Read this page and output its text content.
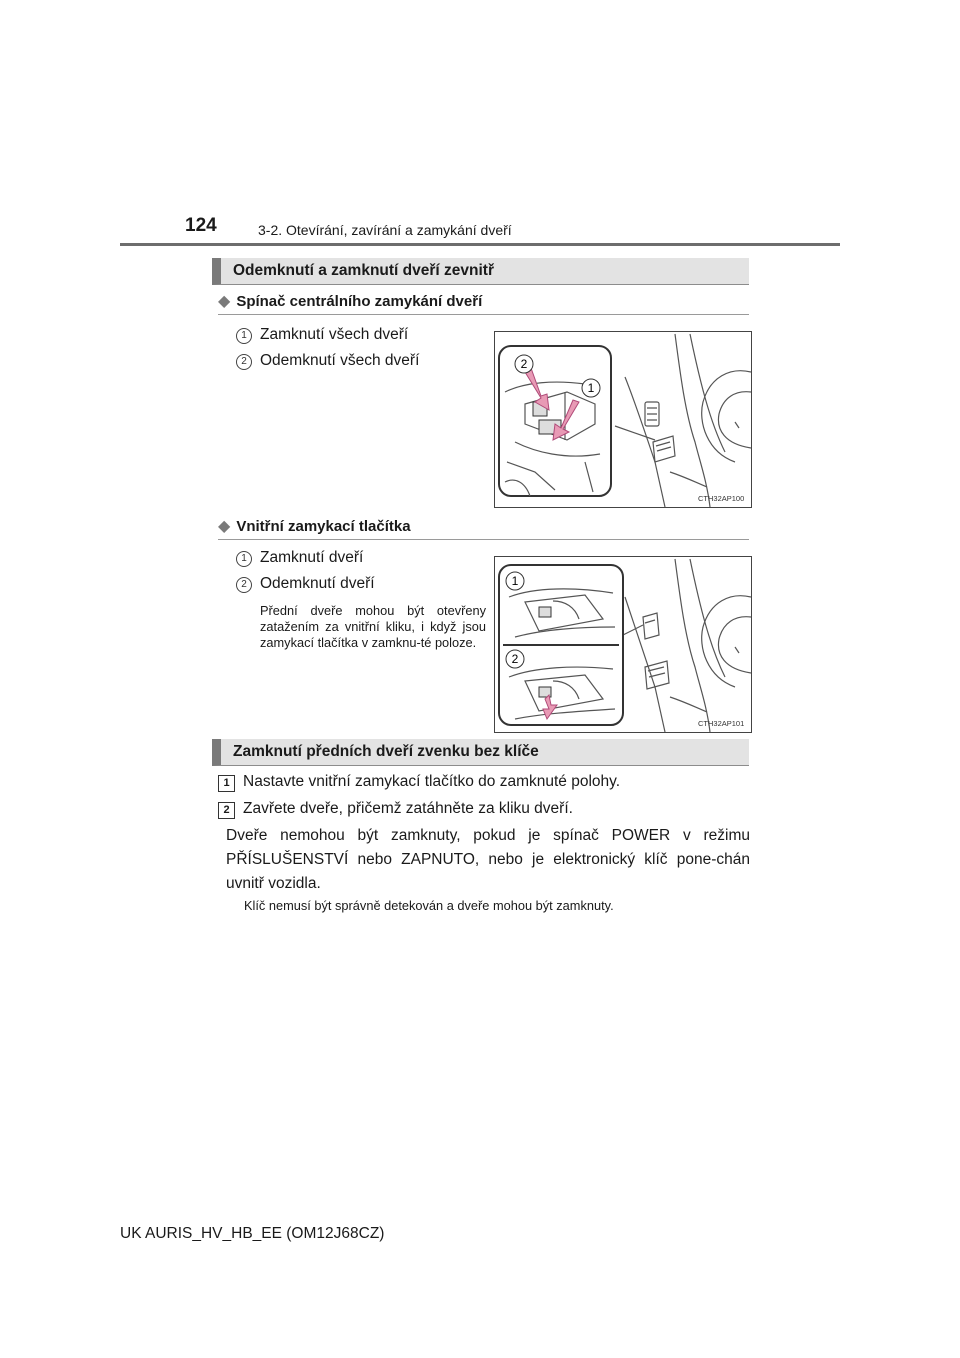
124	3-2. Otevírání, zavírání a zamykání dveří
Odemknutí a zamknutí dveří zevnitř
◆ Spínač centrálního zamykání dveří
1 Zamknutí všech dveří
2 Odemknutí všech dveří	2
1
CTH32AP100
◆ Vnitřní zamykací tlačítka
1 Zamknutí dveří
2 Odemknutí dveří
Přední dveře mohou být otevřeny zatažením za vnitřní kliku, i když jsou zamykací tlačítka v zamknu-té poloze.
1
2
CTH32AP101
Zamknutí předních dveří zvenku bez klíče
1 Nastavte vnitřní zamykací tlačítko do zamknuté polohy.
2 Zavřete dveře, přičemž zatáhněte za kliku dveří.
Dveře nemohou být zamknuty, pokud je spínač POWER v režimu PŘÍSLUŠENSTVÍ nebo ZAPNUTO, nebo je elektronický klíč pone-chán uvnitř vozidla.
Klíč nemusí být správně detekován a dveře mohou být zamknuty.
UK AURIS_HV_HB_EE (OM12J68CZ)
